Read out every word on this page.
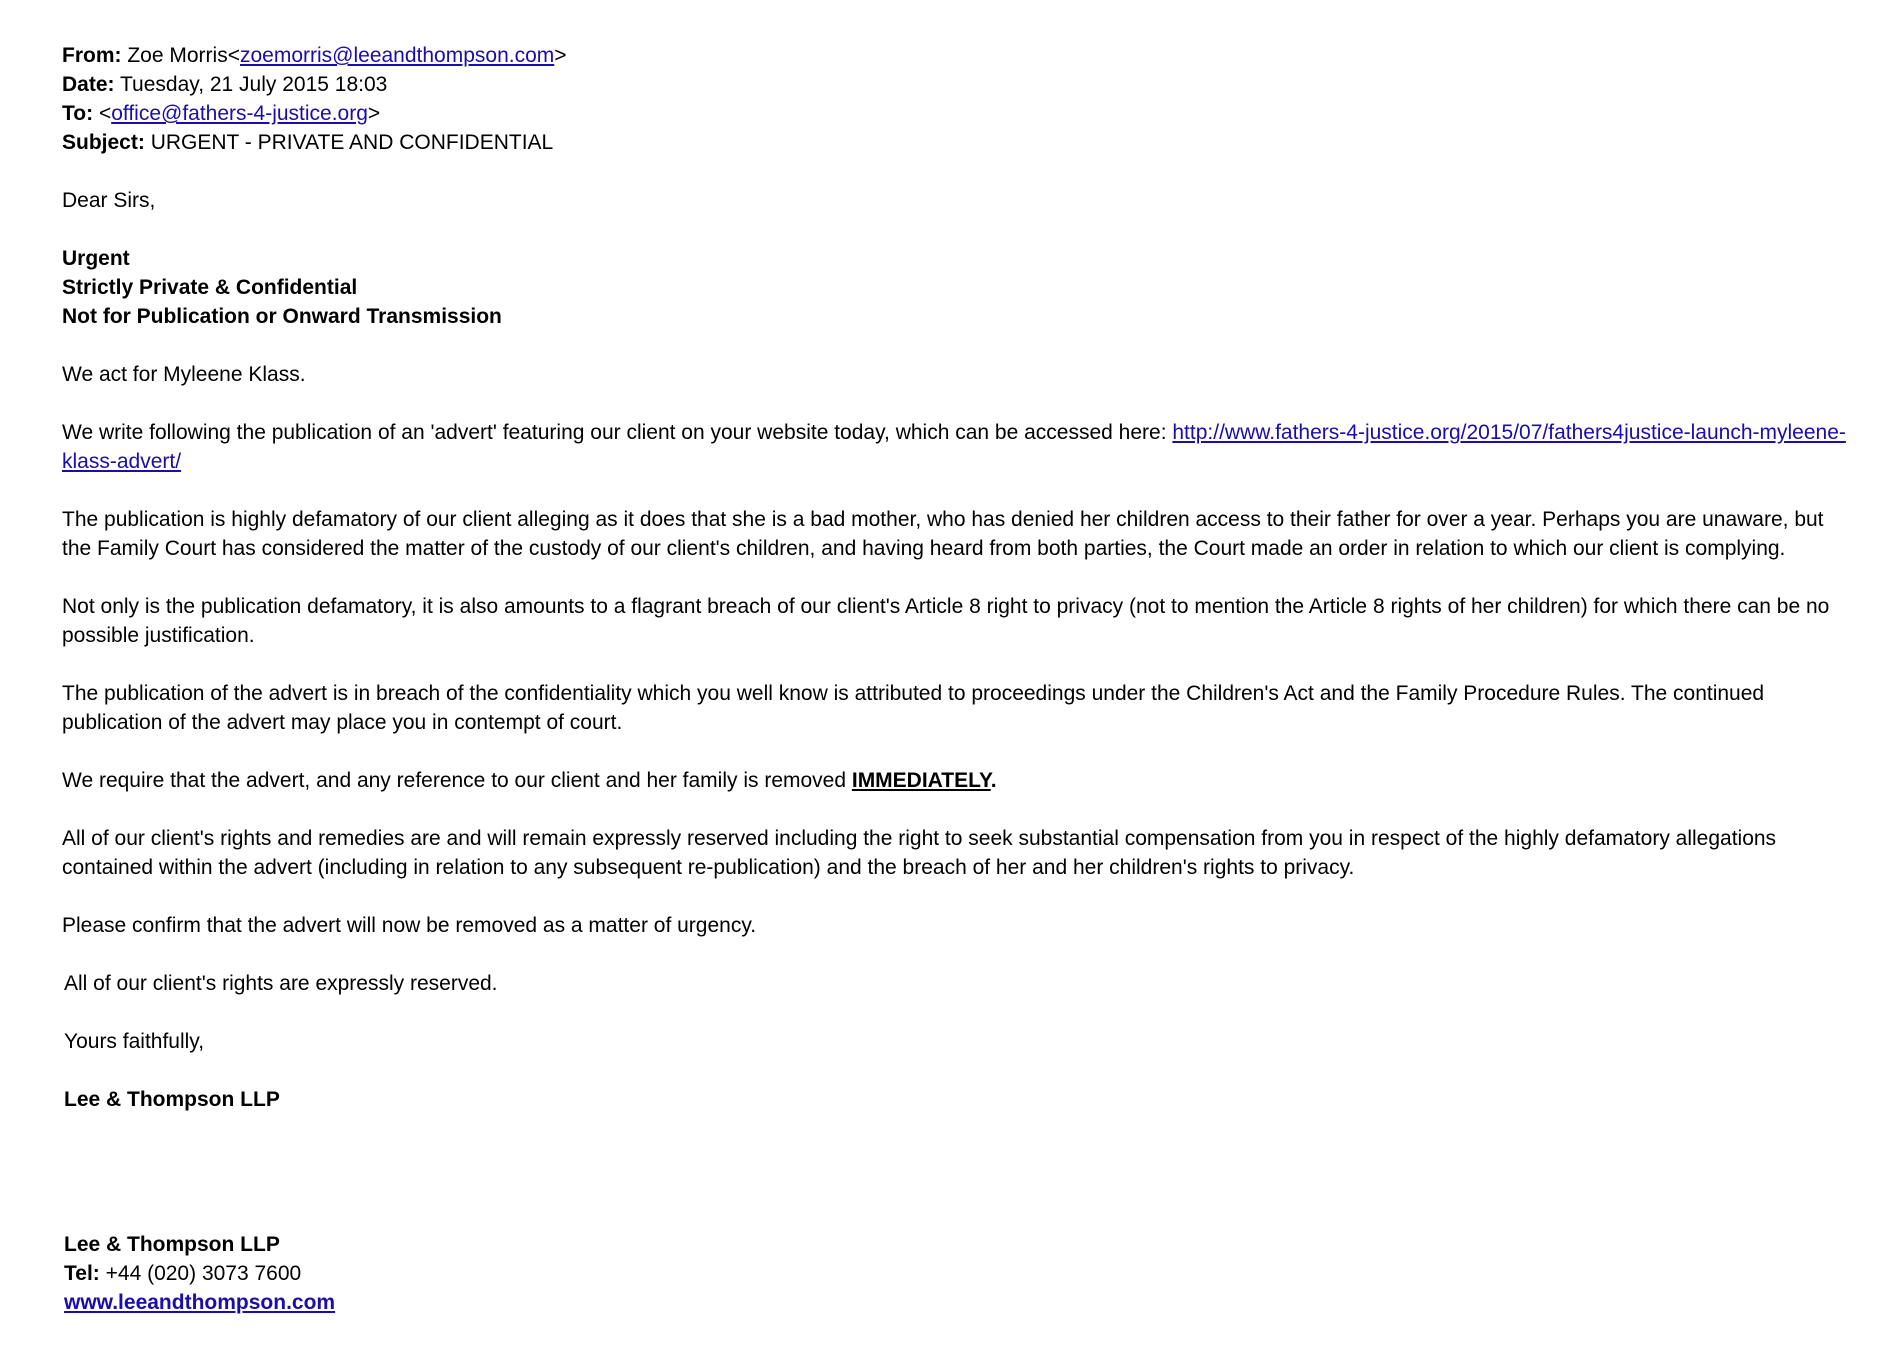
From: Zoe Morris<zoemorris@leeandthompson.com>
Date: Tuesday, 21 July 2015 18:03
To: <office@fathers-4-justice.org>
Subject: URGENT - PRIVATE AND CONFIDENTIAL

Dear Sirs,

Urgent

Strictly Private & Confidential

Not for Publication or Onward Transmission

We act for Myleene Klass.

We write following the publication of an 'advert' featuring our client on your website today, which can be accessed here: http://www.fathers-4-justice.org/2015/07/fathers4justice-launch-myleene-klass-advert/

The publication is highly defamatory of our client alleging as it does that she is a bad mother, who has denied her children access to their father for over a year. Perhaps you are unaware, but the Family Court has considered the matter of the custody of our client's children, and having heard from both parties, the Court made an order in relation to which our client is complying.

Not only is the publication defamatory, it is also amounts to a flagrant breach of our client's Article 8 right to privacy (not to mention the Article 8 rights of her children) for which there can be no possible justification.

The publication of the advert is in breach of the confidentiality which you well know is attributed to proceedings under the Children's Act and the Family Procedure Rules. The continued publication of the advert may place you in contempt of court.

We require that the advert, and any reference to our client and her family is removed IMMEDIATELY.

All of our client's rights and remedies are and will remain expressly reserved including the right to seek substantial compensation from you in respect of the highly defamatory allegations contained within the advert (including in relation to any subsequent re-publication) and the breach of her and her children's rights to privacy.

Please confirm that the advert will now be removed as a matter of urgency.

All of our client's rights are expressly reserved.

Yours faithfully,

Lee & Thompson LLP

Lee & Thompson LLP

Tel: +44 (020) 3073 7600

www.leeandthompson.com
